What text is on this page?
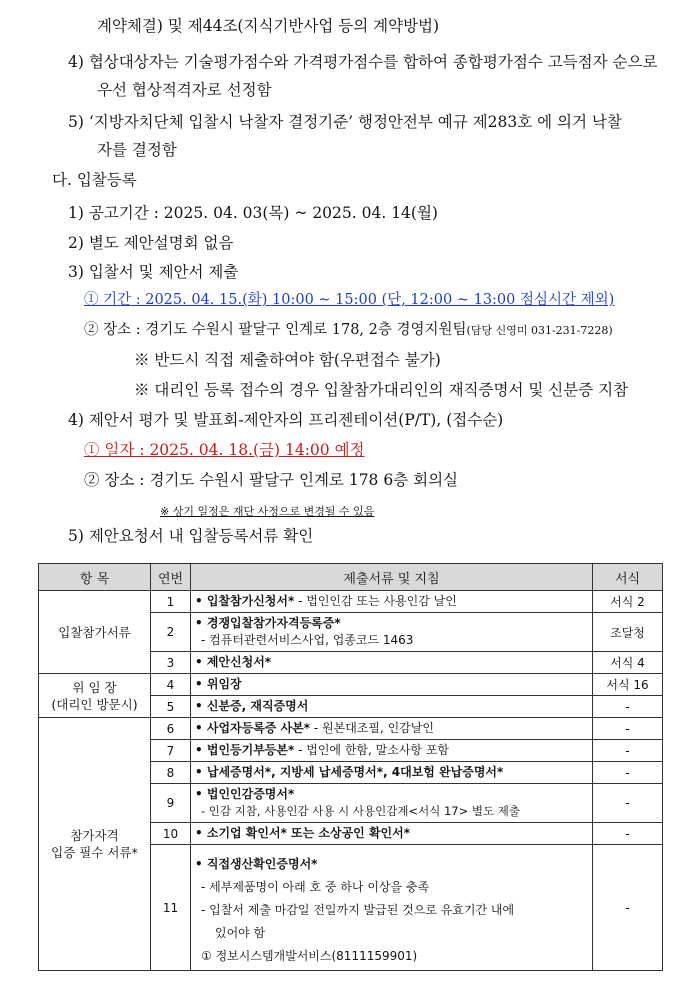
계약체결) 및 제44조(지식기반사업 등의 계약방법)
4) 협상대상자는 기술평가점수와 가격평가점수를 합하여 종합평가점수 고득점자 순으로
우선 협상적격자로 선정함
5) ‘지방자치단체 입찰시 낙찰자 결정기준’ 행정안전부 예규 제283호 에 의거 낙찰
자를 결정함
다. 입찰등록
1) 공고기간 : 2025. 04. 03(목) ~ 2025. 04. 14(월)
2) 별도 제안설명회 없음
3) 입찰서 및 제안서 제출
① 기간 : 2025. 04. 15.(화) 10:00 ~ 15:00 (단, 12:00 ~ 13:00 점심시간 제외)
② 장소 : 경기도 수원시 팔달구 인계로 178, 2층 경영지원팀(담당 신영미 031-231-7228)
※ 반드시 직접 제출하여야 함(우편접수 불가)
※ 대리인 등록 접수의 경우 입찰참가대리인의 재직증명서 및 신분증 지참
4) 제안서 평가 및 발표회-제안자의 프리젠테이션(P/T), (접수순)
① 일자 : 2025. 04. 18.(금) 14:00 예정
② 장소 : 경기도 수원시 팔달구 인계로 178 6층 회의실
※ 상기 일정은 재단 사정으로 변경될 수 있음
5) 제안요청서 내 입찰등록서류 확인
항 목	연번	제출서류 및 지침	서식
입찰참가서류	1	• 입찰참가신청서* - 법인인감 또는 사용인감 날인	서식 2
	2	• 경쟁입찰참가자격등록증*
- 컴퓨터관련서비스사업, 업종코드 1463	조달청
	3	• 제안신청서*	서식 4

위 임 장
(대리인 방문시)	4	• 위임장	서식 16
	5	• 신분증, 재직증명서	-

참가자격
입증 필수 서류*	6	• 사업자등록증 사본* - 원본대조필, 인감날인	-
	7	• 법인등기부등본* - 법인에 한함, 말소사항 포함	-
	8	• 납세증명서*, 지방세 납세증명서*, 4대보험 완납증명서*	-
	9	• 법인인감증명서*
- 인감 지참, 사용인감 사용 시 사용인감계<서식 17> 별도 제출	-
	10	• 소기업 확인서* 또는 소상공인 확인서*	-
	11	• 직접생산확인증명서*
- 세부제품명이 아래 호 중 하나 이상을 충족
- 입찰서 제출 마감일 전일까지 발급된 것으로 유효기간 내에
있어야 함
① 정보시스템개발서비스(8111159901)	-
